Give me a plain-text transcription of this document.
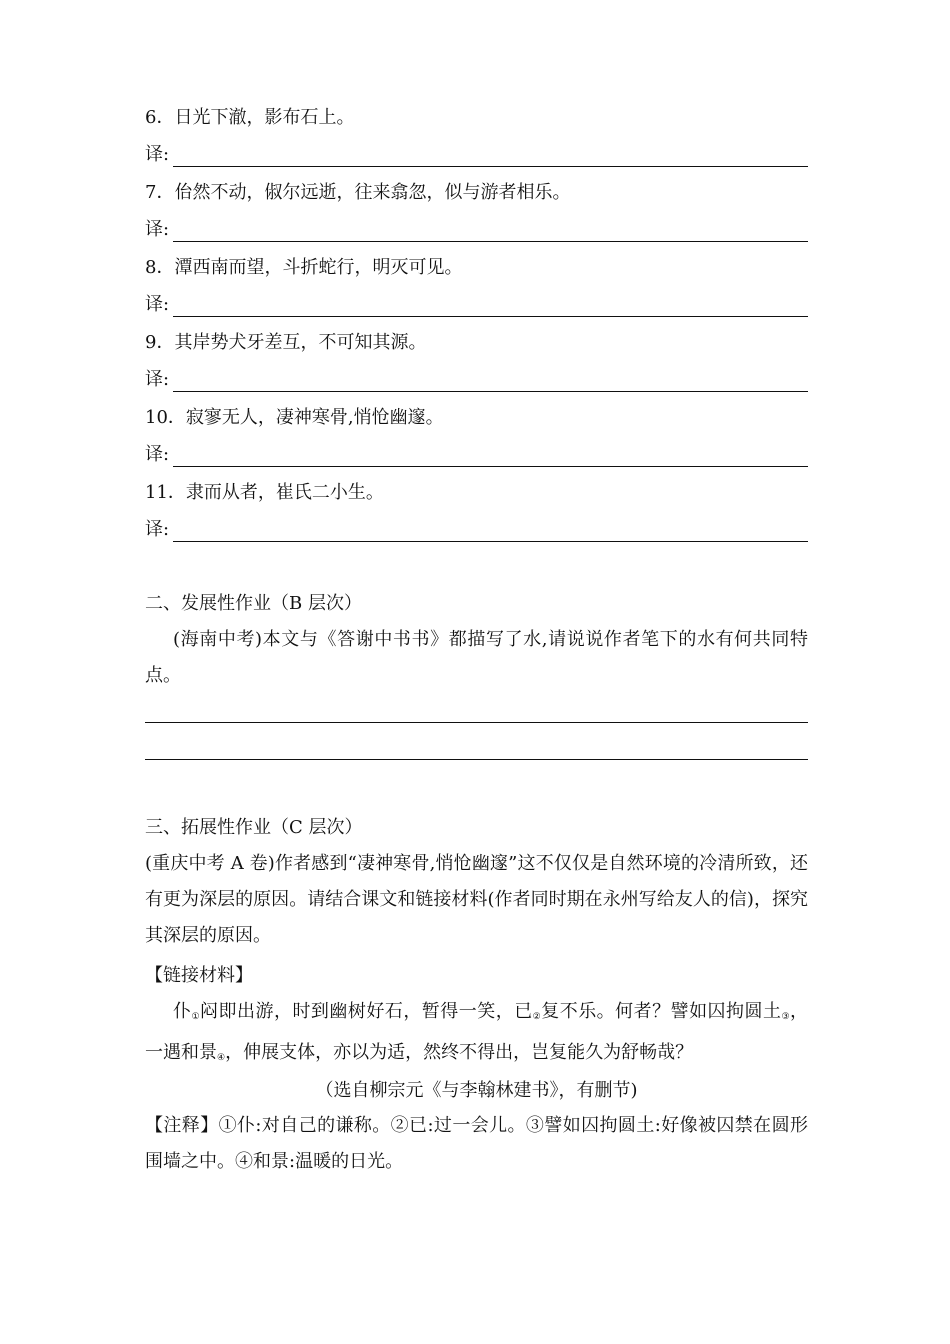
6．日光下澈，影布石上。
译:
7．佁然不动，俶尔远逝，往来翕忽，似与游者相乐。
译:
8．潭西南而望，斗折蛇行，明灭可见。
译:
9．其岸势犬牙差互，不可知其源。
译:
10．寂寥无人，凄神寒骨,悄怆幽邃。
译:
11．隶而从者，崔氏二小生。
译:
二、发展性作业（B 层次）
(海南中考)本文与《答谢中书书》都描写了水,请说说作者笔下的水有何共同特点。
三、拓展性作业（C 层次）
(重庆中考 A 卷)作者感到“凄神寒骨,悄怆幽邃”这不仅仅是自然环境的冷清所致，还有更为深层的原因。请结合课文和链接材料(作者同时期在永州写给友人的信)，探究其深层的原因。
【链接材料】
仆$_①$闷即出游，时到幽树好石，暂得一笑，已$_②$复不乐。何者？譬如囚拘圆土$_③$，一遇和景$_④$，伸展支体，亦以为适，然终不得出，岂复能久为舒畅哉？
（选自柳宗元《与李翰林建书》，有删节)
【注释】①仆:对自己的谦称。②已:过一会儿。③譬如囚拘圆土:好像被囚禁在圆形围墙之中。④和景:温暖的日光。
